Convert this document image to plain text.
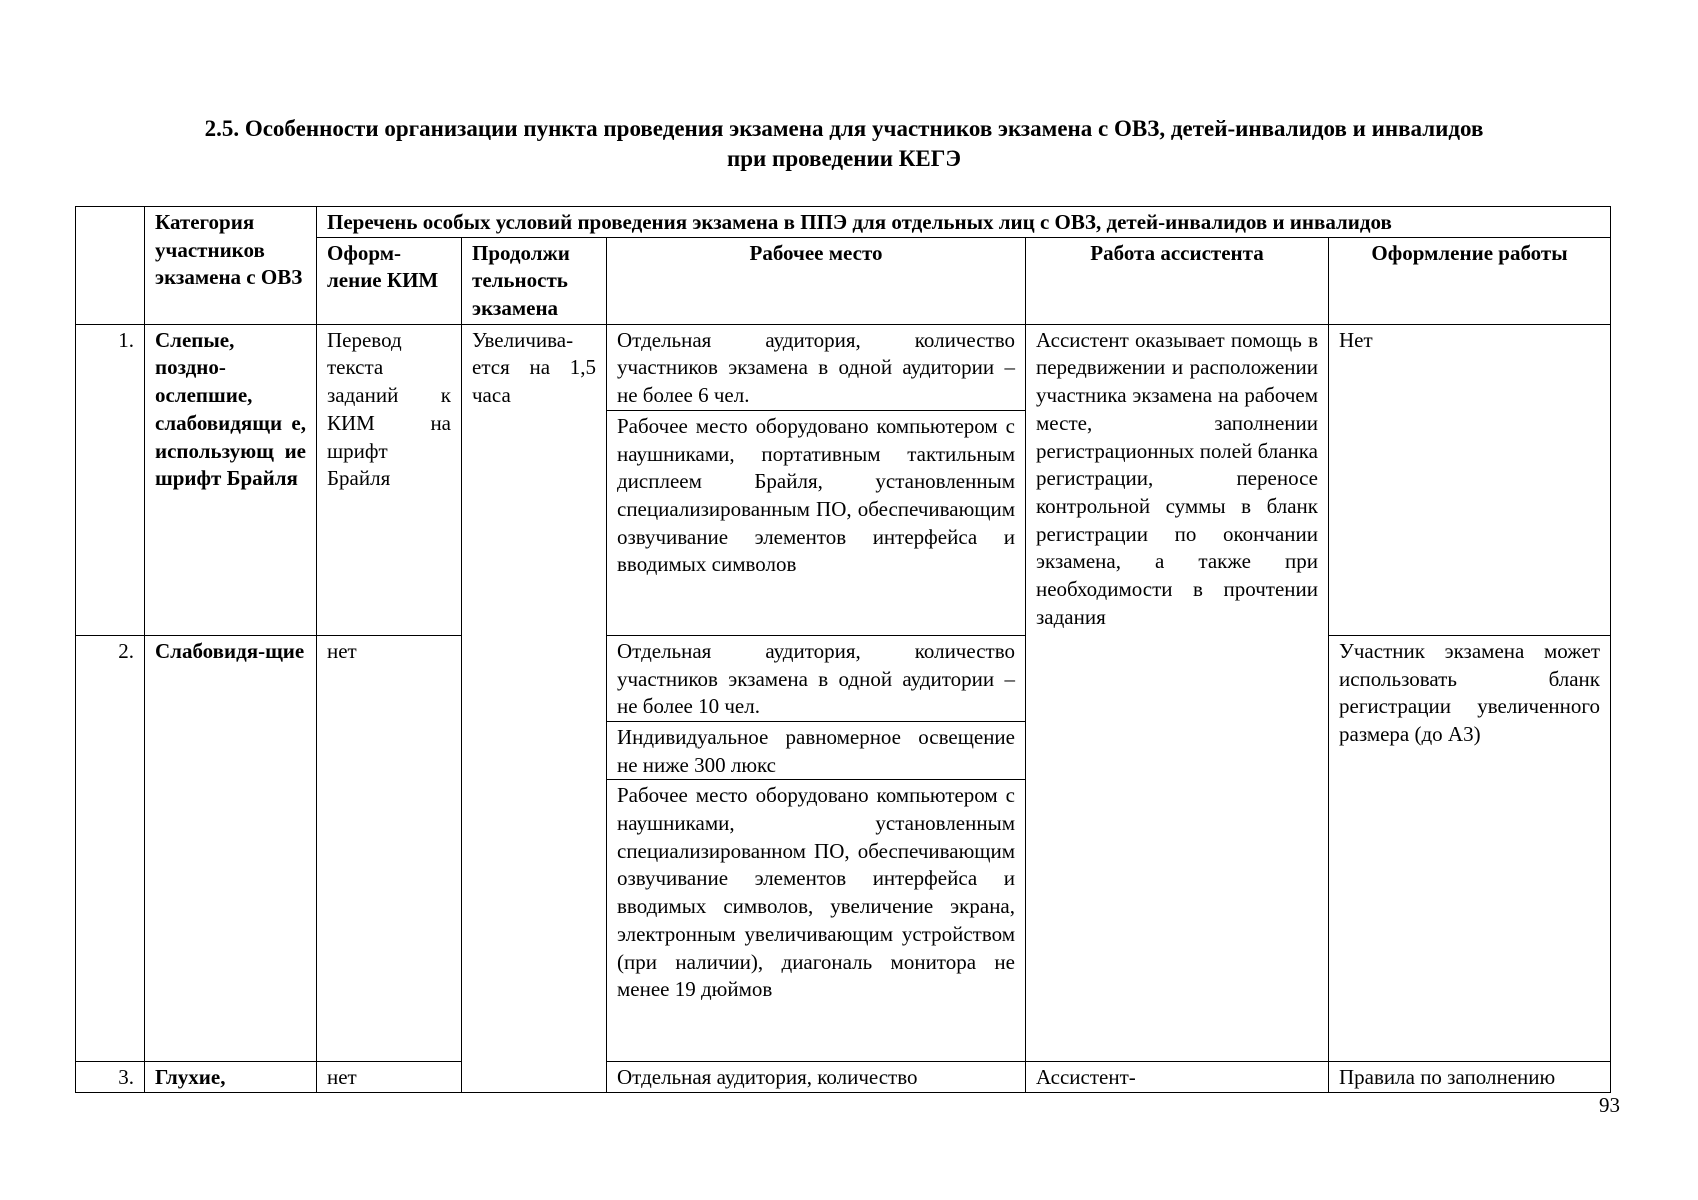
2.5. Особенности организации пункта проведения экзамена для участников экзамена с ОВЗ, детей-инвалидов и инвалидов
при проведении КЕГЭ
	Категория участников экзамена с ОВЗ	Перечень особых условий проведения экзамена в ППЭ для отдельных лиц с ОВЗ, детей-инвалидов и инвалидов				
		Оформ-ление КИМ	Продолжи тельность экзамена	Рабочее место	Работа ассистента	Оформление работы
1.	Слепые, поздно-ослепшие, слабовидящи е, использующ ие шрифт Брайля	Перевод текста заданий к КИМ на шрифт Брайля	Увеличива-ется на 1,5 часа	Отдельная аудитория, количество участников экзамена в одной аудитории – не более 6 чел.	Ассистент оказывает помощь в передвижении и расположении участника экзамена на рабочем месте, заполнении регистрационных полей бланка регистрации, переносе контрольной суммы в бланк регистрации по окончании экзамена, а также при необходимости в прочтении задания	Нет
				Рабочее место оборудовано компьютером с наушниками, портативным тактильным дисплеем Брайля, установленным специализированным ПО, обеспечивающим озвучивание элементов интерфейса и вводимых символов		
2.	Слабовидя-щие	нет		Отдельная аудитория, количество участников экзамена в одной аудитории – не более 10 чел.		Участник экзамена может использовать бланк регистрации увеличенного размера (до А3)
				Индивидуальное равномерное освещение не ниже 300 люкс		
				Рабочее место оборудовано компьютером с наушниками, установленным специализированном ПО, обеспечивающим озвучивание элементов интерфейса и вводимых символов, увеличение экрана, электронным увеличивающим устройством (при наличии), диагональ монитора не менее 19 дюймов		
3.	Глухие,	нет		Отдельная аудитория, количество	Ассистент-	Правила по заполнению
93
